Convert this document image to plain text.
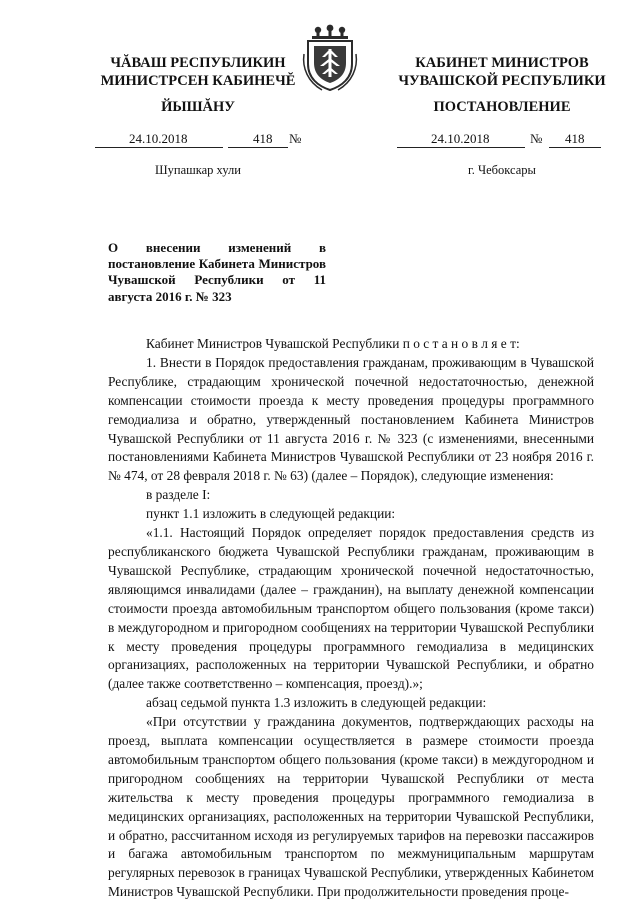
ЧĂВАШ РЕСПУБЛИКИН
МИНИСТРСЕН КАБИНЕЧĔ
ЙЫШĂНУ
КАБИНЕТ МИНИСТРОВ
ЧУВАШСКОЙ РЕСПУБЛИКИ
ПОСТАНОВЛЕНИЕ
24.10.2018	418 №	24.10.2018	№ 418
Шупашкар хули	г. Чебоксары
О внесении изменений в постановление Кабинета Министров Чувашской Республики от 11 августа 2016 г. № 323

Кабинет Министров Чувашской Республики п о с т а н о в л я е т:

1. Внести в Порядок предоставления гражданам, проживающим в Чувашской Республике, страдающим хронической почечной недостаточностью, денежной компенсации стоимости проезда к месту проведения процедуры программного гемодиализа и обратно, утвержденный постановлением Кабинета Министров Чувашской Республики от 11 августа 2016 г. № 323 (с изменениями, внесенными постановлениями Кабинета Министров Чувашской Республики от 23 ноября 2016 г. № 474, от 28 февраля 2018 г. № 63) (далее – Порядок), следующие изменения:

в разделе I:

пункт 1.1 изложить в следующей редакции:

«1.1. Настоящий Порядок определяет порядок предоставления средств из республиканского бюджета Чувашской Республики гражданам, проживающим в Чувашской Республике, страдающим хронической почечной недостаточностью, являющимся инвалидами (далее – гражданин), на выплату денежной компенсации стоимости проезда автомобильным транспортом общего пользования (кроме такси) в междугородном и пригородном сообщениях на территории Чувашской Республики к месту проведения процедуры программного гемодиализа в медицинских организациях, расположенных на территории Чувашской Республики, и обратно (далее также соответственно – компенсация, проезд).»;

абзац седьмой пункта 1.3 изложить в следующей редакции:

«При отсутствии у гражданина документов, подтверждающих расходы на проезд, выплата компенсации осуществляется в размере стоимости проезда автомобильным транспортом общего пользования (кроме такси) в междугородном и пригородном сообщениях на территории Чувашской Республики от места жительства к месту проведения процедуры программного гемодиализа в медицинских организациях, расположенных на территории Чувашской Республики, и обратно, рассчитанном исходя из регулируемых тарифов на перевозки пассажиров и багажа автомобильным транспортом по межмуниципальным маршрутам регулярных перевозок в границах Чувашской Республики, утвержденных Кабинетом Министров Чувашской Республики. При продолжительности проведения проце-
